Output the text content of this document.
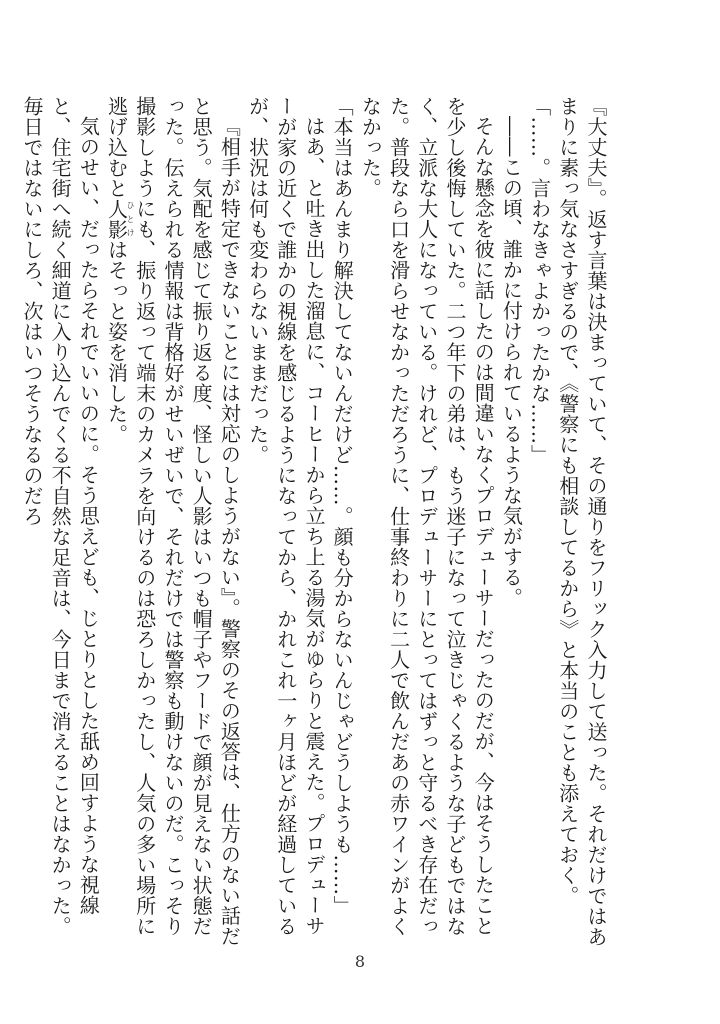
『大丈夫』。返す言葉は決まっていて、その通りをフリック入力して送った。それだけではあまりに素っ気なさすぎるので、《警察にも相談してるから》と本当のことも添えておく。

「……。言わなきゃよかったかな……」

――この頃、誰かに付けられているような気がする。

そんな懸念を彼に話したのは間違いなくプロデューサーだったのだが、今はそうしたことを少し後悔していた。二つ年下の弟は、もう迷子になって泣きじゃくるような子どもではなく、立派な大人になっている。けれど、プロデューサーにとってはずっと守るべき存在だった。普段なら口を滑らせなかっただろうに、仕事終わりに二人で飲んだあの赤ワインがよくなかった。

「本当はあんまり解決してないんだけど……。顔も分からないんじゃどうしようも……」

はあ、と吐き出した溜息に、コーヒーから立ち上る湯気がゆらりと震えた。プロデューサーが家の近くで誰かの視線を感じるようになってから、かれこれ一ヶ月ほどが経過しているが、状況は何も変わらないままだった。

『相手が特定できないことには対応のしようがない』。警察のその返答は、仕方のない話だと思う。気配を感じて振り返る度、怪しい人影はいつも帽子やフードで顔が見えない状態だった。伝えられる情報は背格好がせいぜいで、それだけでは警察も動けないのだ。こっそり撮影しようにも、振り返って端末のカメラを向けるのは恐ろしかったし、人気の多い場所に逃げ込むと人影ひとけはそっと姿を消した。

気のせい、だったらそれでいいのに。そう思えども、じとりとした舐め回すような視線と、住宅街へ続く細道に入り込んでくる不自然な足音は、今日まで消えることはなかった。毎日ではないにしろ、次はいつそうなるのだろ

8
